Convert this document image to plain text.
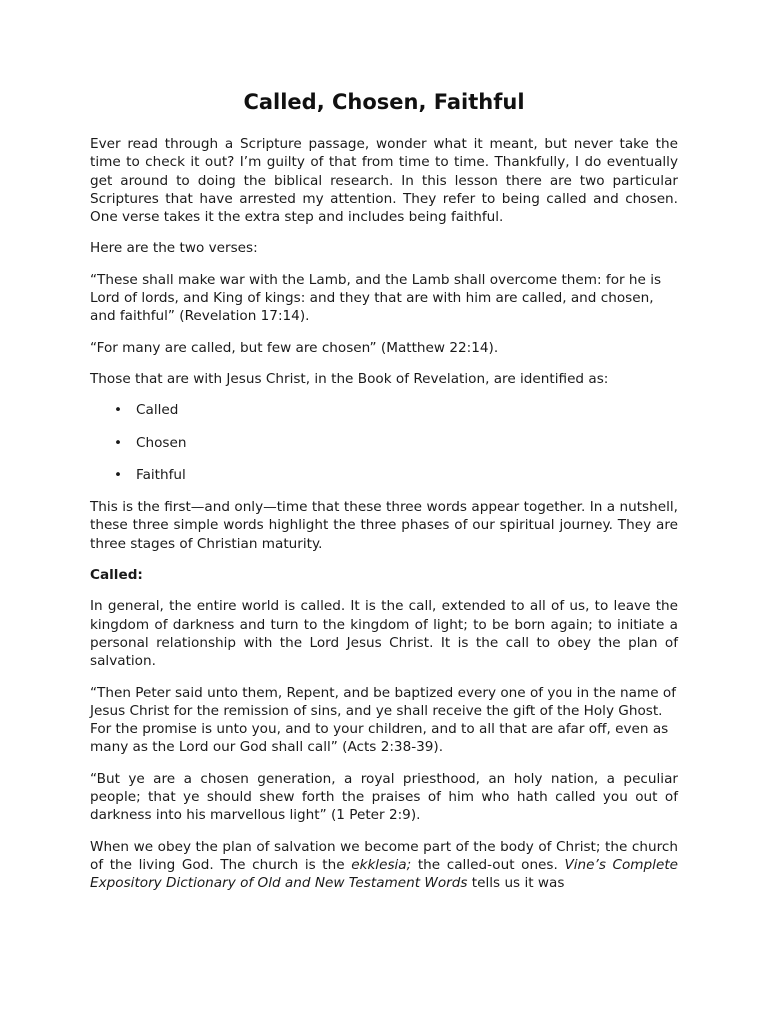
Called, Chosen, Faithful

Ever read through a Scripture passage, wonder what it meant, but never take the time to check it out? I’m guilty of that from time to time. Thankfully, I do eventually get around to doing the biblical research. In this lesson there are two particular Scriptures that have arrested my attention. They refer to being called and chosen. One verse takes it the extra step and includes being faithful.

Here are the two verses:

“These shall make war with the Lamb, and the Lamb shall overcome them: for he is Lord of lords, and King of kings: and they that are with him are called, and chosen, and faithful” (Revelation 17:14).

“For many are called, but few are chosen” (Matthew 22:14).

Those that are with Jesus Christ, in the Book of Revelation, are identified as:

• Called
• Chosen
• Faithful

This is the first—and only—time that these three words appear together. In a nutshell, these three simple words highlight the three phases of our spiritual journey. They are three stages of Christian maturity.

Called:

In general, the entire world is called. It is the call, extended to all of us, to leave the kingdom of darkness and turn to the kingdom of light; to be born again; to initiate a personal relationship with the Lord Jesus Christ. It is the call to obey the plan of salvation.

“Then Peter said unto them, Repent, and be baptized every one of you in the name of Jesus Christ for the remission of sins, and ye shall receive the gift of the Holy Ghost. For the promise is unto you, and to your children, and to all that are afar off, even as many as the Lord our God shall call” (Acts 2:38-39).

“But ye are a chosen generation, a royal priesthood, an holy nation, a peculiar people; that ye should shew forth the praises of him who hath called you out of darkness into his marvellous light” (1 Peter 2:9).

When we obey the plan of salvation we become part of the body of Christ; the church of the living God. The church is the ekklesia; the called-out ones. Vine’s Complete Expository Dictionary of Old and New Testament Words tells us it was
